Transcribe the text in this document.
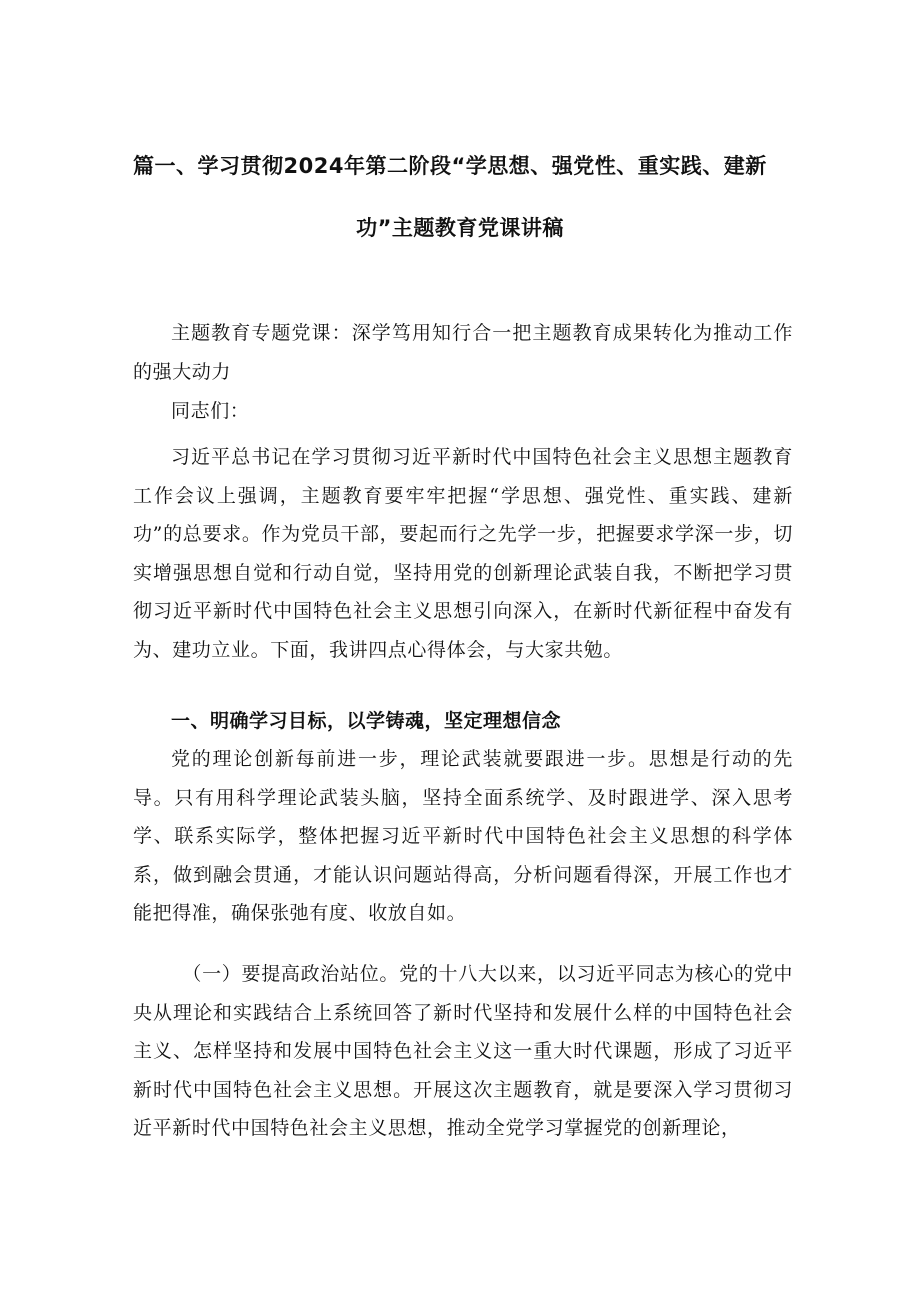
篇一、学习贯彻2024年第二阶段“学思想、强党性、重实践、建新
功”主题教育党课讲稿
主题教育专题党课：深学笃用知行合一把主题教育成果转化为推动工作的强大动力
同志们：
习近平总书记在学习贯彻习近平新时代中国特色社会主义思想主题教育工作会议上强调，主题教育要牢牢把握“学思想、强党性、重实践、建新功”的总要求。作为党员干部，要起而行之先学一步，把握要求学深一步，切实增强思想自觉和行动自觉，坚持用党的创新理论武装自我，不断把学习贯彻习近平新时代中国特色社会主义思想引向深入，在新时代新征程中奋发有为、建功立业。下面，我讲四点心得体会，与大家共勉。
一、明确学习目标，以学铸魂，坚定理想信念
党的理论创新每前进一步，理论武装就要跟进一步。思想是行动的先导。只有用科学理论武装头脑，坚持全面系统学、及时跟进学、深入思考学、联系实际学，整体把握习近平新时代中国特色社会主义思想的科学体系，做到融会贯通，才能认识问题站得高，分析问题看得深，开展工作也才能把得准，确保张弛有度、收放自如。
（一）要提高政治站位。党的十八大以来，以习近平同志为核心的党中央从理论和实践结合上系统回答了新时代坚持和发展什么样的中国特色社会主义、怎样坚持和发展中国特色社会主义这一重大时代课题，形成了习近平新时代中国特色社会主义思想。开展这次主题教育，就是要深入学习贯彻习近平新时代中国特色社会主义思想，推动全党学习掌握党的创新理论，
